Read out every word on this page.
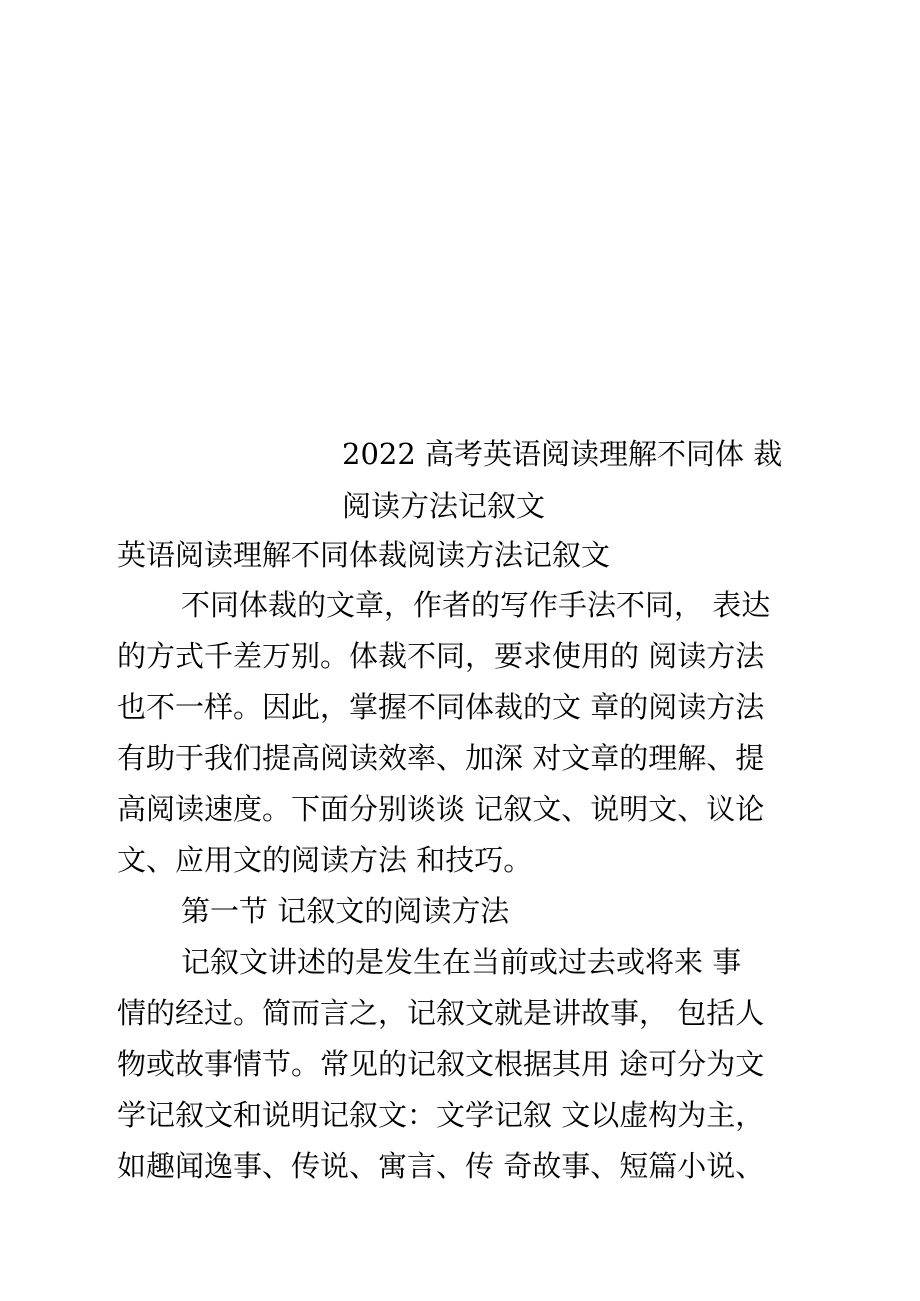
2022 高考英语阅读理解不同体 裁
阅读方法记叙文
英语阅读理解不同体裁阅读方法记叙文
不同体裁的文章，作者的写作手法不同， 表达
的方式千差万别。体裁不同，要求使用的 阅读方法
也不一样。因此，掌握不同体裁的文 章的阅读方法
有助于我们提高阅读效率、加深 对文章的理解、提
高阅读速度。下面分别谈谈 记叙文、说明文、议论
文、应用文的阅读方法 和技巧。
第一节 记叙文的阅读方法
记叙文讲述的是发生在当前或过去或将来 事
情的经过。简而言之，记叙文就是讲故事， 包括人
物或故事情节。常见的记叙文根据其用 途可分为文
学记叙文和说明记叙文：文学记叙 文以虚构为主，
如趣闻逸事、传说、寓言、传 奇故事、短篇小说、
